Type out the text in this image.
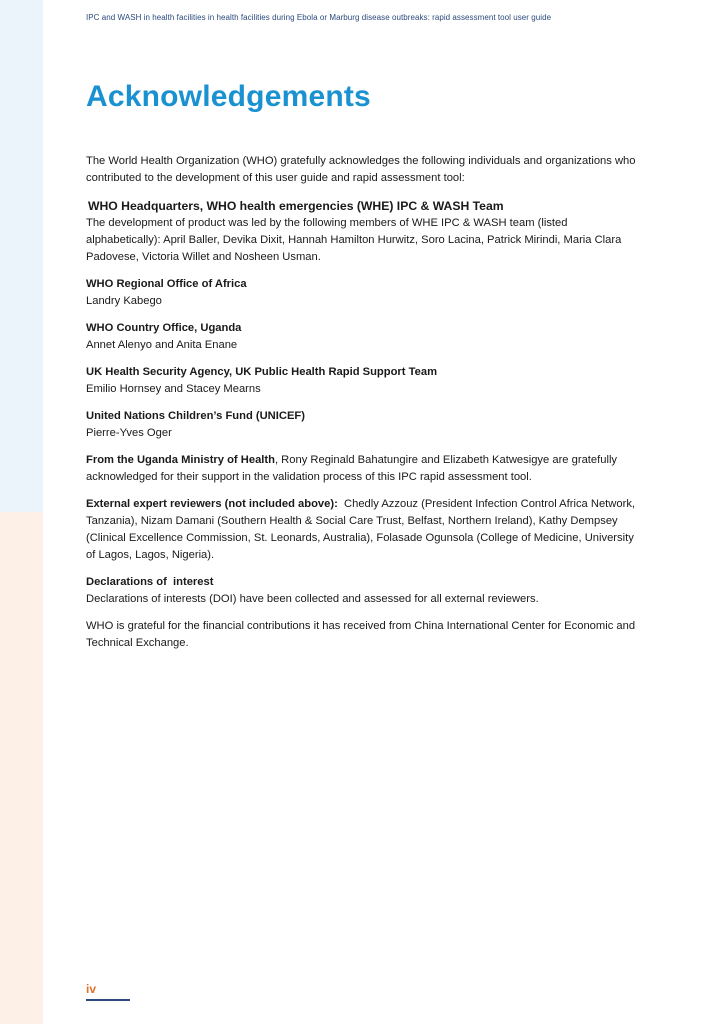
IPC and WASH in health facilities in health facilities during Ebola or Marburg disease outbreaks: rapid assessment tool user guide
Acknowledgements

The World Health Organization (WHO) gratefully acknowledges the following individuals and organizations who contributed to the development of this user guide and rapid assessment tool:

WHO Headquarters, WHO health emergencies (WHE) IPC & WASH Team
The development of product was led by the following members of WHE IPC & WASH team (listed alphabetically): April Baller, Devika Dixit, Hannah Hamilton Hurwitz, Soro Lacina, Patrick Mirindi, Maria Clara Padovese, Victoria Willet and Nosheen Usman.

WHO Regional Office of Africa
Landry Kabego

WHO Country Office, Uganda
Annet Alenyo and Anita Enane

UK Health Security Agency, UK Public Health Rapid Support Team
Emilio Hornsey and Stacey Mearns

United Nations Children’s Fund (UNICEF)
Pierre-Yves Oger

From the Uganda Ministry of Health, Rony Reginald Bahatungire and Elizabeth Katwesigye are gratefully acknowledged for their support in the validation process of this IPC rapid assessment tool.

External expert reviewers (not included above):  Chedly Azzouz (President Infection Control Africa Network, Tanzania), Nizam Damani (Southern Health & Social Care Trust, Belfast, Northern Ireland), Kathy Dempsey (Clinical Excellence Commission, St. Leonards, Australia), Folasade Ogunsola (College of Medicine, University of Lagos, Lagos, Nigeria).

Declarations of  interest
Declarations of interests (DOI) have been collected and assessed for all external reviewers.

WHO is grateful for the financial contributions it has received from China International Center for Economic and Technical Exchange.

iv
